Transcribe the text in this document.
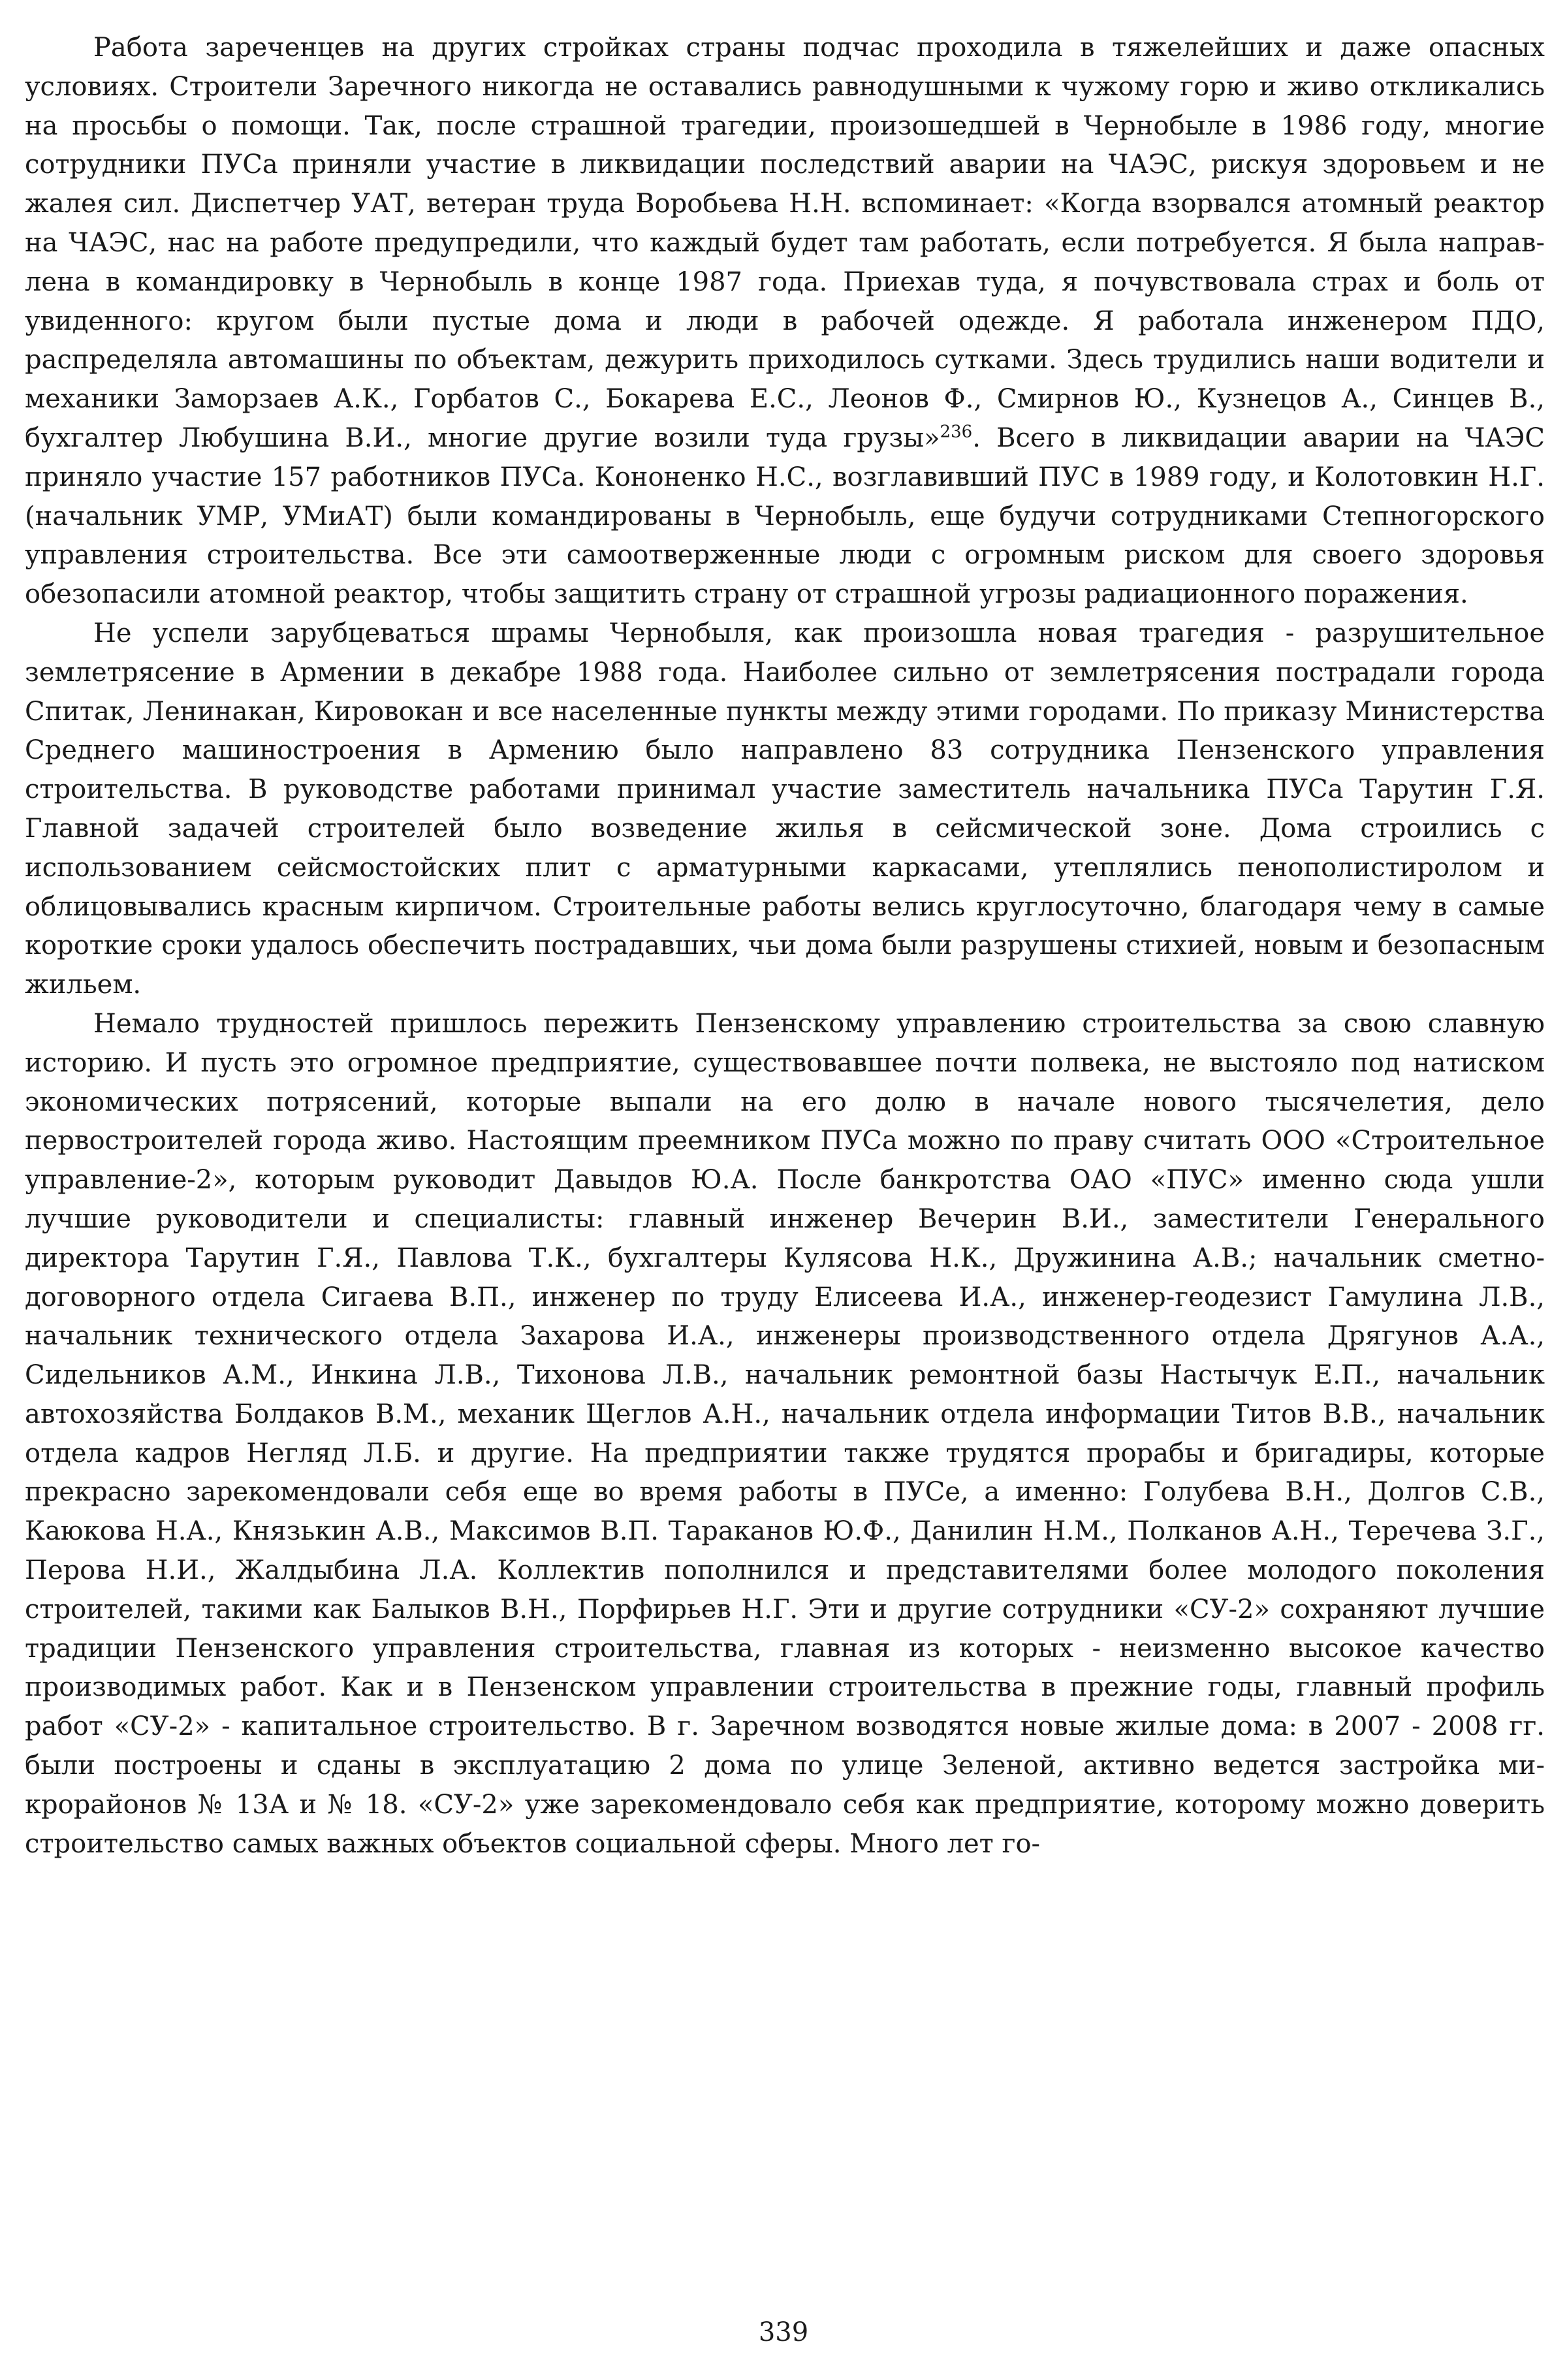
Работа зареченцев на других стройках страны подчас проходила в тяжелейших и даже опасных условиях. Строители Заречного никогда не оставались равнодушными к чужому горю и живо откликались на просьбы о помощи. Так, после страшной трагедии, произошедшей в Чернобыле в 1986 году, многие сотрудники ПУСа приняли участие в ликвидации последствий аварии на ЧАЭС, рискуя здоровьем и не жалея сил. Диспетчер УАТ, ветеран труда Воробьева Н.Н. вспоминает: «Когда взорвался атомный реактор на ЧАЭС, нас на работе предупредили, что каждый будет там работать, если потребуется. Я была направлена в командировку в Чернобыль в конце 1987 года. Приехав туда, я почувствовала страх и боль от увиденного: кругом были пустые дома и люди в рабочей одежде. Я работала инженером ПДО, распределяла автомашины по объектам, дежурить приходилось сутками. Здесь трудились наши водители и механики Заморзаев А.К., Горбатов С., Бокарева Е.С., Леонов Ф., Смирнов Ю., Кузнецов А., Синцев В., бухгалтер Любушина В.И., многие другие возили туда грузы»$^{236}$. Всего в ликвидации аварии на ЧАЭС приняло участие 157 работников ПУСа. Кононенко Н.С., возглавивший ПУС в 1989 году, и Колотовкин Н.Г.(начальник УМР, УМиАТ) были командированы в Чернобыль, еще будучи сотрудниками Степногорского управления строительства. Все эти самоотверженные люди с огромным риском для своего здоровья обезопасили атомной реактор, чтобы защитить страну от страшной угрозы радиационного поражения.

Не успели зарубцеваться шрамы Чернобыля, как произошла новая трагедия - разрушительное землетрясение в Армении в декабре 1988 года. Наиболее сильно от землетрясения пострадали города Спитак, Ленинакан, Кировокан и все населенные пункты между этими городами. По приказу Министерства Среднего машиностроения в Армению было направлено 83 сотрудника Пензенского управления строительства. В руководстве работами принимал участие заместитель начальника ПУСа Тарутин Г.Я. Главной задачей строителей было возведение жилья в сейсмической зоне. Дома строились с использованием сейсмостойских плит с арматурными каркасами, утеплялись пенополистиролом и облицовывались красным кирпичом. Строительные работы велись круглосуточно, благодаря чему в самые короткие сроки удалось обеспечить пострадавших, чьи дома были разрушены стихией, новым и безопасным жильем.

Немало трудностей пришлось пережить Пензенскому управлению строительства за свою славную историю. И пусть это огромное предприятие, существовавшее почти полвека, не выстояло под натиском экономических потрясений, которые выпали на его долю в начале нового тысячелетия, дело первостроителей города живо. Настоящим преемником ПУСа можно по праву считать ООО «Строительное управление-2», которым руководит Давыдов Ю.А. После банкротства ОАО «ПУС» именно сюда ушли лучшие руководители и специалисты: главный инженер Вечерин В.И., заместители Генерального директора Тарутин Г.Я., Павлова Т.К., бухгалтеры Кулясова Н.К., Дружинина А.В.; начальник сметно-договорного отдела Сигаева В.П., инженер по труду Елисеева И.А., инженер-геодезист Гамулина Л.В., начальник технического отдела Захарова И.А., инженеры производственного отдела Дрягунов А.А., Сидельников А.М., Инкина Л.В., Тихонова Л.В., начальник ремонтной базы Настычук Е.П., начальник автохозяйства Болдаков В.М., механик Щеглов А.Н., начальник отдела информации Титов В.В., начальник отдела кадров Негляд Л.Б. и другие. На предприятии также трудятся прорабы и бригадиры, которые прекрасно зарекомендовали себя еще во время работы в ПУСе, а именно: Голубева В.Н., Долгов С.В., Каюкова Н.А., Князькин А.В., Максимов В.П. Тараканов Ю.Ф., Данилин Н.М., Полканов А.Н., Теречева З.Г., Перова Н.И., Жалдыбина Л.А. Коллектив пополнился и представителями более молодого поколения строителей, такими как Балыков В.Н., Порфирьев Н.Г. Эти и другие сотрудники «СУ-2» сохраняют лучшие традиции Пензенского управления строительства, главная из которых - неизменно высокое качество производимых работ. Как и в Пензенском управлении строительства в прежние годы, главный профиль работ «СУ-2» - капитальное строительство. В г. Заречном возводятся новые жилые дома: в 2007 - 2008 гг. были построены и сданы в эксплуатацию 2 дома по улице Зеленой, активно ведется застройка микрорайонов № 13А и № 18. «СУ-2» уже зарекомендовало себя как предприятие, которому можно доверить строительство самых важных объектов социальной сферы. Много лет го-

339
